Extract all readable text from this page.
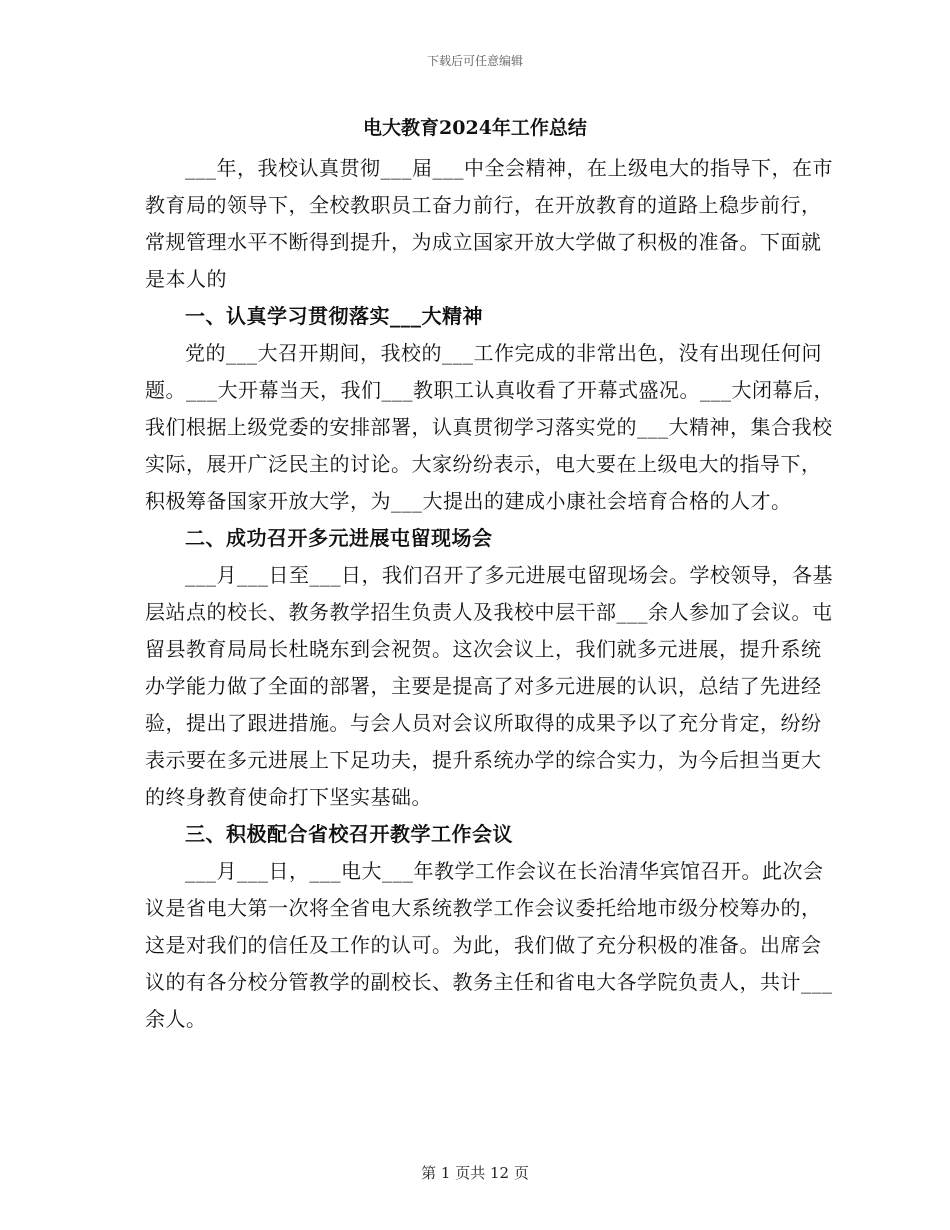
下载后可任意编辑
电大教育2024年工作总结

___年，我校认真贯彻___届___中全会精神，在上级电大的指导下，在市教育局的领导下，全校教职员工奋力前行，在开放教育的道路上稳步前行，常规管理水平不断得到提升，为成立国家开放大学做了积极的准备。下面就是本人的

一、认真学习贯彻落实___大精神

党的___大召开期间，我校的___工作完成的非常出色，没有出现任何问题。___大开幕当天，我们___教职工认真收看了开幕式盛况。___大闭幕后，我们根据上级党委的安排部署，认真贯彻学习落实党的___大精神，集合我校实际，展开广泛民主的讨论。大家纷纷表示，电大要在上级电大的指导下，积极筹备国家开放大学，为___大提出的建成小康社会培育合格的人才。

二、成功召开多元进展屯留现场会

___月___日至___日，我们召开了多元进展屯留现场会。学校领导，各基层站点的校长、教务教学招生负责人及我校中层干部___余人参加了会议。屯留县教育局局长杜晓东到会祝贺。这次会议上，我们就多元进展，提升系统办学能力做了全面的部署，主要是提高了对多元进展的认识，总结了先进经验，提出了跟进措施。与会人员对会议所取得的成果予以了充分肯定，纷纷表示要在多元进展上下足功夫，提升系统办学的综合实力，为今后担当更大的终身教育使命打下坚实基础。

三、积极配合省校召开教学工作会议

___月___日，___电大___年教学工作会议在长治清华宾馆召开。此次会议是省电大第一次将全省电大系统教学工作会议委托给地市级分校筹办的，这是对我们的信任及工作的认可。为此，我们做了充分积极的准备。出席会议的有各分校分管教学的副校长、教务主任和省电大各学院负责人，共计___余人。

第 1 页共 12 页
